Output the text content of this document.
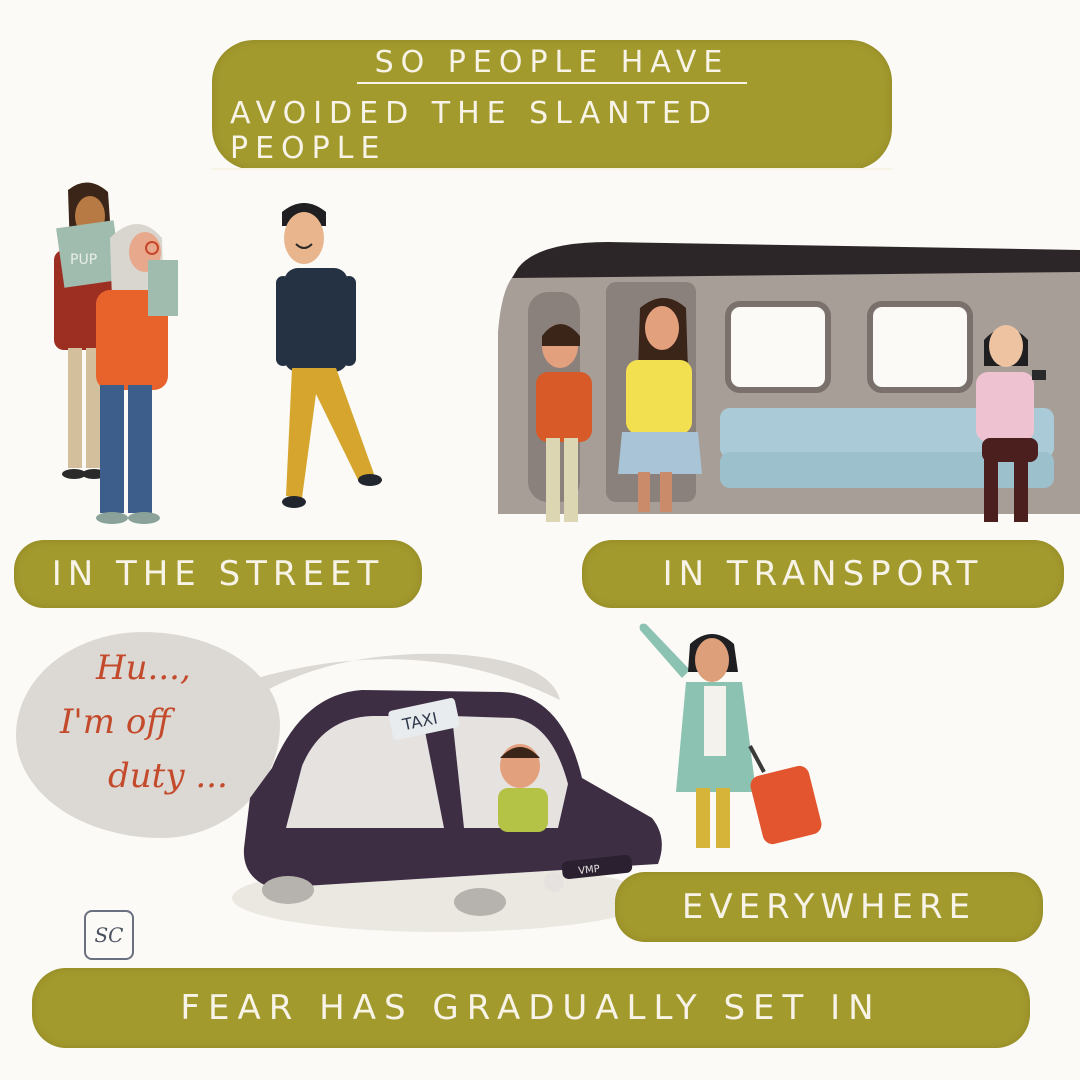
SO PEOPLE HAVE
AVOIDED THE SLANTED PEOPLE
PUP
IN THE STREET	IN TRANSPORT
Hu...,
I'm off
duty ...
TAXI
VMP
EVERYWHERE
SC
FEAR HAS GRADUALLY SET IN
